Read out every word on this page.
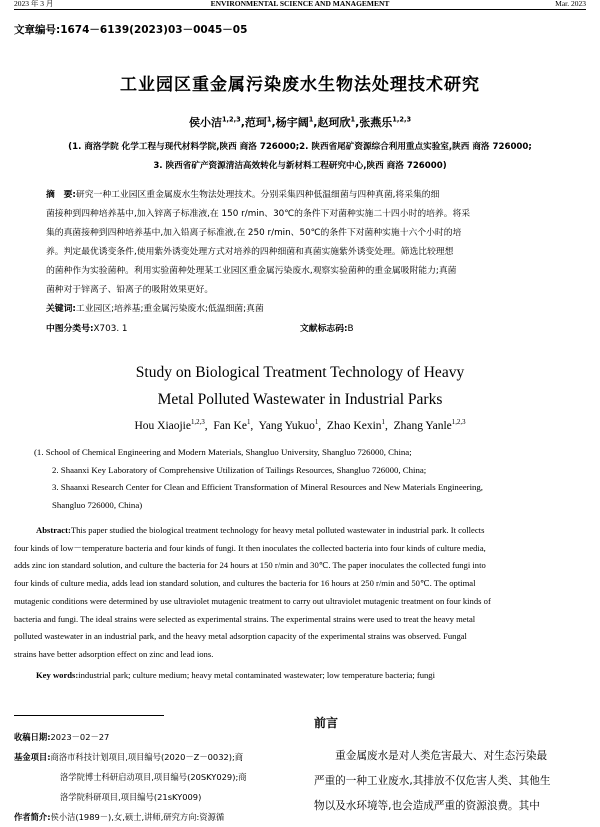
2023 年 3 月	ENVIRONMENTAL SCIENCE AND MANAGEMENT	Mar. 2023
文章编号:1674－6139(2023)03－0045－05
工业园区重金属污染废水生物法处理技术研究
侯小洁$^{1,2,3}$,范珂$^1$,杨宇阔$^1$,赵珂欣$^1$,张燕乐$^{1,2,3}$
(1. 商洛学院 化学工程与现代材料学院,陕西 商洛 726000;2. 陕西省尾矿资源综合利用重点实验室,陕西 商洛 726000;
3. 陕西省矿产资源清洁高效转化与新材料工程研究中心,陕西 商洛 726000)
摘　要:研究一种工业园区重金属废水生物法处理技术。分别采集四种低温细菌与四种真菌,将采集的细
菌接种到四种培养基中,加入锌离子标准液,在 150 r/min、30℃的条件下对菌种实施二十四小时的培养。将采
集的真菌接种到四种培养基中,加入铅离子标准液,在 250 r/min、50℃的条件下对菌种实施十六个小时的培
养。判定最优诱变条件,使用紫外诱变处理方式对培养的四种细菌和真菌实施紫外诱变处理。筛选比较理想
的菌种作为实验菌种。利用实验菌种处理某工业园区重金属污染废水,观察实验菌种的重金属吸附能力;真菌
菌种对于锌离子、铅离子的吸附效果更好。
关键词:工业园区;培养基;重金属污染废水;低温细菌;真菌
中图分类号:X703. 1	文献标志码:B
Study on Biological Treatment Technology of Heavy
Metal Polluted Wastewater in Industrial Parks
Hou Xiaojie$^{1,2,3}$,  Fan Ke$^1$,  Yang Yukuo$^1$,  Zhao Kexin$^1$,  Zhang Yanle$^{1,2,3}$
(1. School of Chemical Engineering and Modern Materials, Shangluo University, Shangluo 726000, China;
2. Shaanxi Key Laboratory of Comprehensive Utilization of Tailings Resources, Shangluo 726000, China;
3. Shaanxi Research Center for Clean and Efficient Transformation of Mineral Resources and New Materials Engineering,
Shangluo 726000, China)
Abstract:This paper studied the biological treatment technology for heavy metal polluted wastewater in industrial park. It collects
four kinds of low－temperature bacteria and four kinds of fungi. It then inoculates the collected bacteria into four kinds of culture media,
adds zinc ion standard solution, and culture the bacteria for 24 hours at 150 r/min and 30℃. The paper inoculates the collected fungi into
four kinds of culture media, adds lead ion standard solution, and cultures the bacteria for 16 hours at 250 r/min and 50℃. The optimal
mutagenic conditions were determined by use ultraviolet mutagenic treatment to carry out ultraviolet mutagenic treatment on four kinds of
bacteria and fungi. The ideal strains were selected as experimental strains. The experimental strains were used to treat the heavy metal
polluted wastewater in an industrial park, and the heavy metal adsorption capacity of the experimental strains was observed. Fungal
strains have better adsorption effect on zinc and lead ions.
Key words:industrial park; culture medium; heavy metal contaminated wastewater; low temperature bacteria; fungi
收稿日期:2023－02－27
基金项目:商洛市科技计划项目,项目编号(2020－Z－0032);商
洛学院博士科研启动项目,项目编号(20SKY029);商
洛学院科研项目,项目编号(21sKY009)
作者简介:侯小洁(1989－),女,硕士,讲师,研究方向:资源循
前言
　　重金属废水是对人类危害最大、对生态污染最
严重的一种工业废水,其排放不仅危害人类、其他生
物以及水环境等,也会造成严重的资源浪费。其中
